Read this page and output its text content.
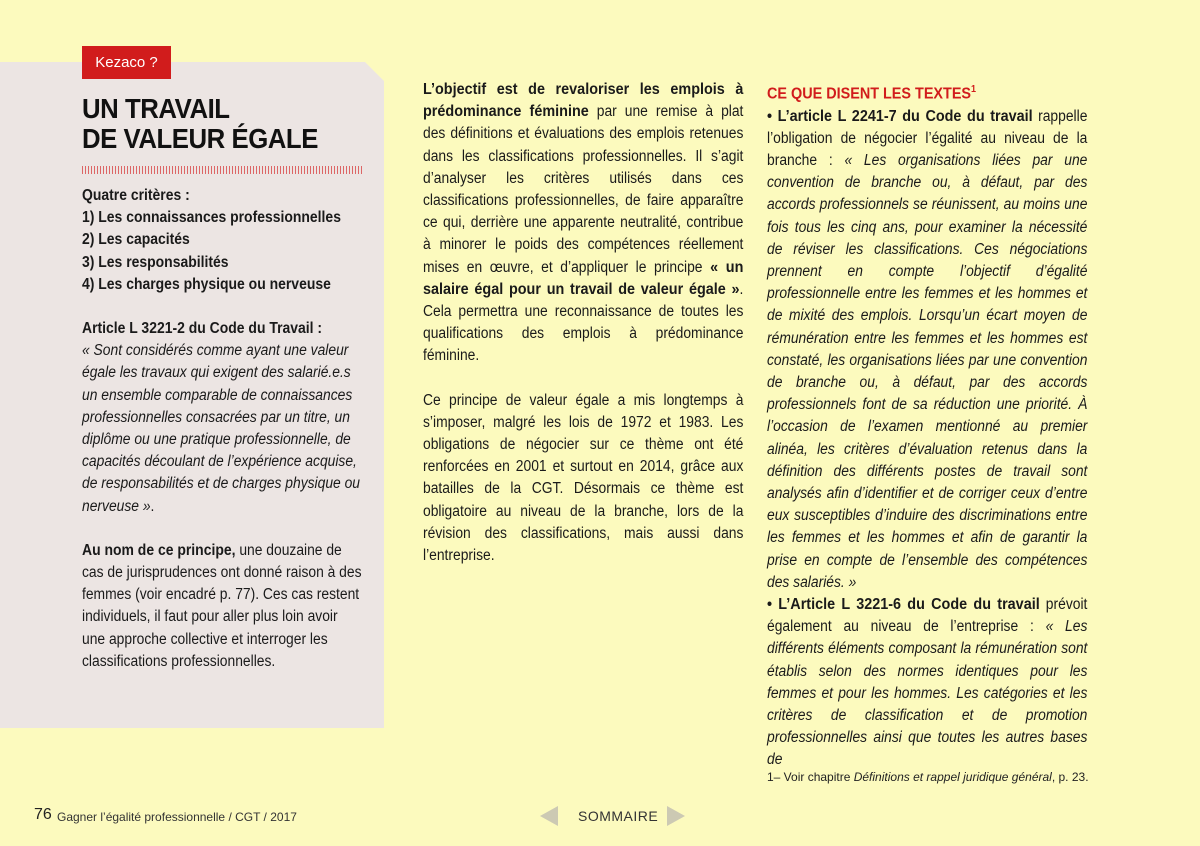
Kezaco ?
UN TRAVAIL
DE VALEUR ÉGALE
Quatre critères :
1) Les connaissances professionnelles
2) Les capacités
3) Les responsabilités
4) Les charges physique ou nerveuse
Article L 3221-2 du Code du Travail :
« Sont considérés comme ayant une valeur égale les travaux qui exigent des salarié.e.s un ensemble comparable de connaissances professionnelles consacrées par un titre, un diplôme ou une pratique professionnelle, de capacités découlant de l’expérience acquise, de responsabilités et de charges physique ou nerveuse ».
Au nom de ce principe, une douzaine de cas de jurisprudences ont donné raison à des femmes (voir encadré p. 77). Ces cas restent individuels, il faut pour aller plus loin avoir une approche collective et interroger les classifications professionnelles.

L’objectif est de revaloriser les emplois à prédominance féminine par une remise à plat des définitions et évaluations des emplois retenues dans les classifications professionnelles. Il s’agit d’analyser les critères utilisés dans ces classifications professionnelles, de faire apparaître ce qui, derrière une apparente neutralité, contribue à minorer le poids des compétences réellement mises en œuvre, et d’appliquer le principe « un salaire égal pour un travail de valeur égale ». Cela permettra une reconnaissance de toutes les qualifications des emplois à prédominance féminine.

Ce principe de valeur égale a mis longtemps à s’imposer, malgré les lois de 1972 et 1983. Les obligations de négocier sur ce thème ont été renforcées en 2001 et surtout en 2014, grâce aux batailles de la CGT. Désormais ce thème est obligatoire au niveau de la branche, lors de la révision des classifications, mais aussi dans l’entreprise.

CE QUE DISENT LES TEXTES$^1$

• L’article L 2241-7 du Code du travail rappelle l’obligation de négocier l’égalité au niveau de la branche : « Les organisations liées par une convention de branche ou, à défaut, par des accords professionnels se réunissent, au moins une fois tous les cinq ans, pour examiner la nécessité de réviser les classifications. Ces négociations prennent en compte l’objectif d’égalité professionnelle entre les femmes et les hommes et de mixité des emplois. Lorsqu’un écart moyen de rémunération entre les femmes et les hommes est constaté, les organisations liées par une convention de branche ou, à défaut, par des accords professionnels font de sa réduction une priorité. À l’occasion de l’examen mentionné au premier alinéa, les critères d’évaluation retenus dans la définition des différents postes de travail sont analysés afin d’identifier et de corriger ceux d’entre eux susceptibles d’induire des discriminations entre les femmes et les hommes et afin de garantir la prise en compte de l’ensemble des compétences des salariés. »

• L’Article L 3221-6 du Code du travail prévoit également au niveau de l’entreprise : « Les différents éléments composant la rémunération sont établis selon des normes identiques pour les femmes et pour les hommes. Les catégories et les critères de classification et de promotion professionnelles ainsi que toutes les autres bases de

1– Voir chapitre Définitions et rappel juridique général, p. 23.
76 Gagner l’égalité professionnelle / CGT / 2017	SOMMAIRE
